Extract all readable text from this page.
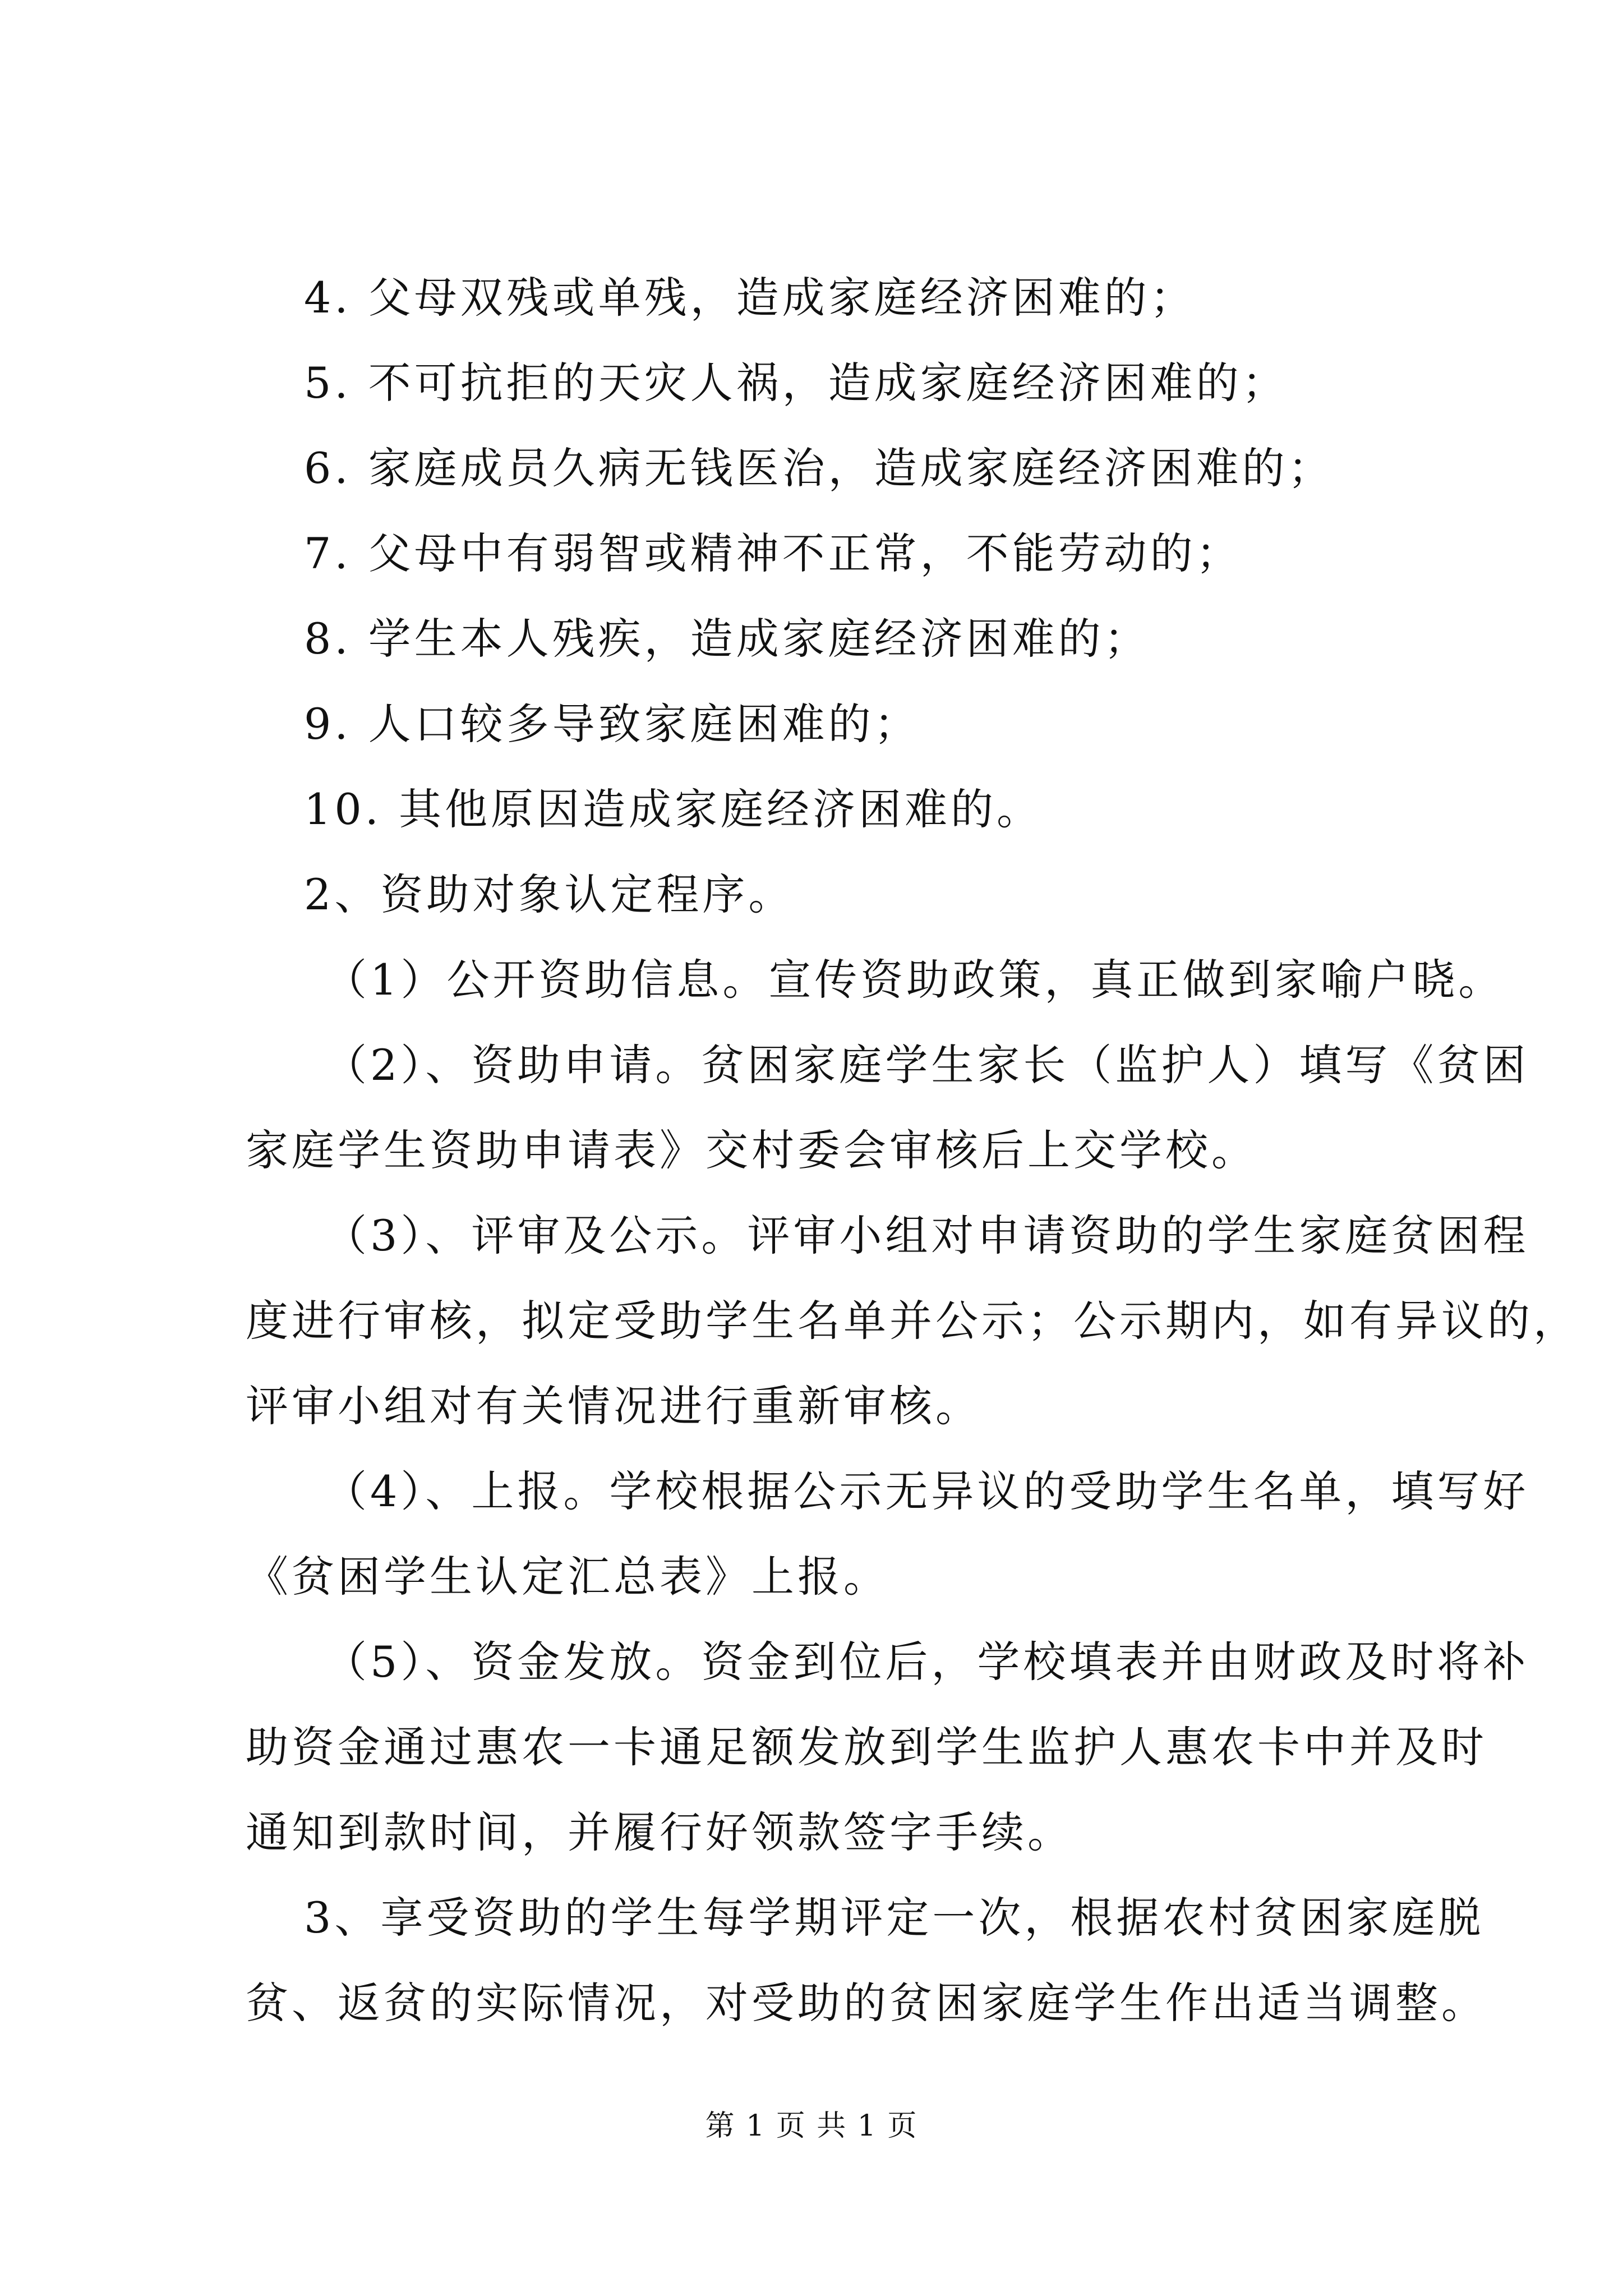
4. 父母双残或单残，造成家庭经济困难的；
5. 不可抗拒的天灾人祸，造成家庭经济困难的；
6. 家庭成员久病无钱医治，造成家庭经济困难的；
7. 父母中有弱智或精神不正常，不能劳动的；
8. 学生本人残疾，造成家庭经济困难的；
9. 人口较多导致家庭困难的；
10. 其他原因造成家庭经济困难的。
2、资助对象认定程序。
（1）公开资助信息。宣传资助政策，真正做到家喻户晓。
（2）、资助申请。贫困家庭学生家长（监护人）填写《贫困
家庭学生资助申请表》交村委会审核后上交学校。
（3）、评审及公示。评审小组对申请资助的学生家庭贫困程
度进行审核，拟定受助学生名单并公示；公示期内，如有异议的，
评审小组对有关情况进行重新审核。
（4）、上报。学校根据公示无异议的受助学生名单，填写好
《贫困学生认定汇总表》上报。
（5）、资金发放。资金到位后，学校填表并由财政及时将补
助资金通过惠农一卡通足额发放到学生监护人惠农卡中并及时
通知到款时间，并履行好领款签字手续。
3、享受资助的学生每学期评定一次，根据农村贫困家庭脱
贫、返贫的实际情况，对受助的贫困家庭学生作出适当调整。
第 1 页 共 1 页
